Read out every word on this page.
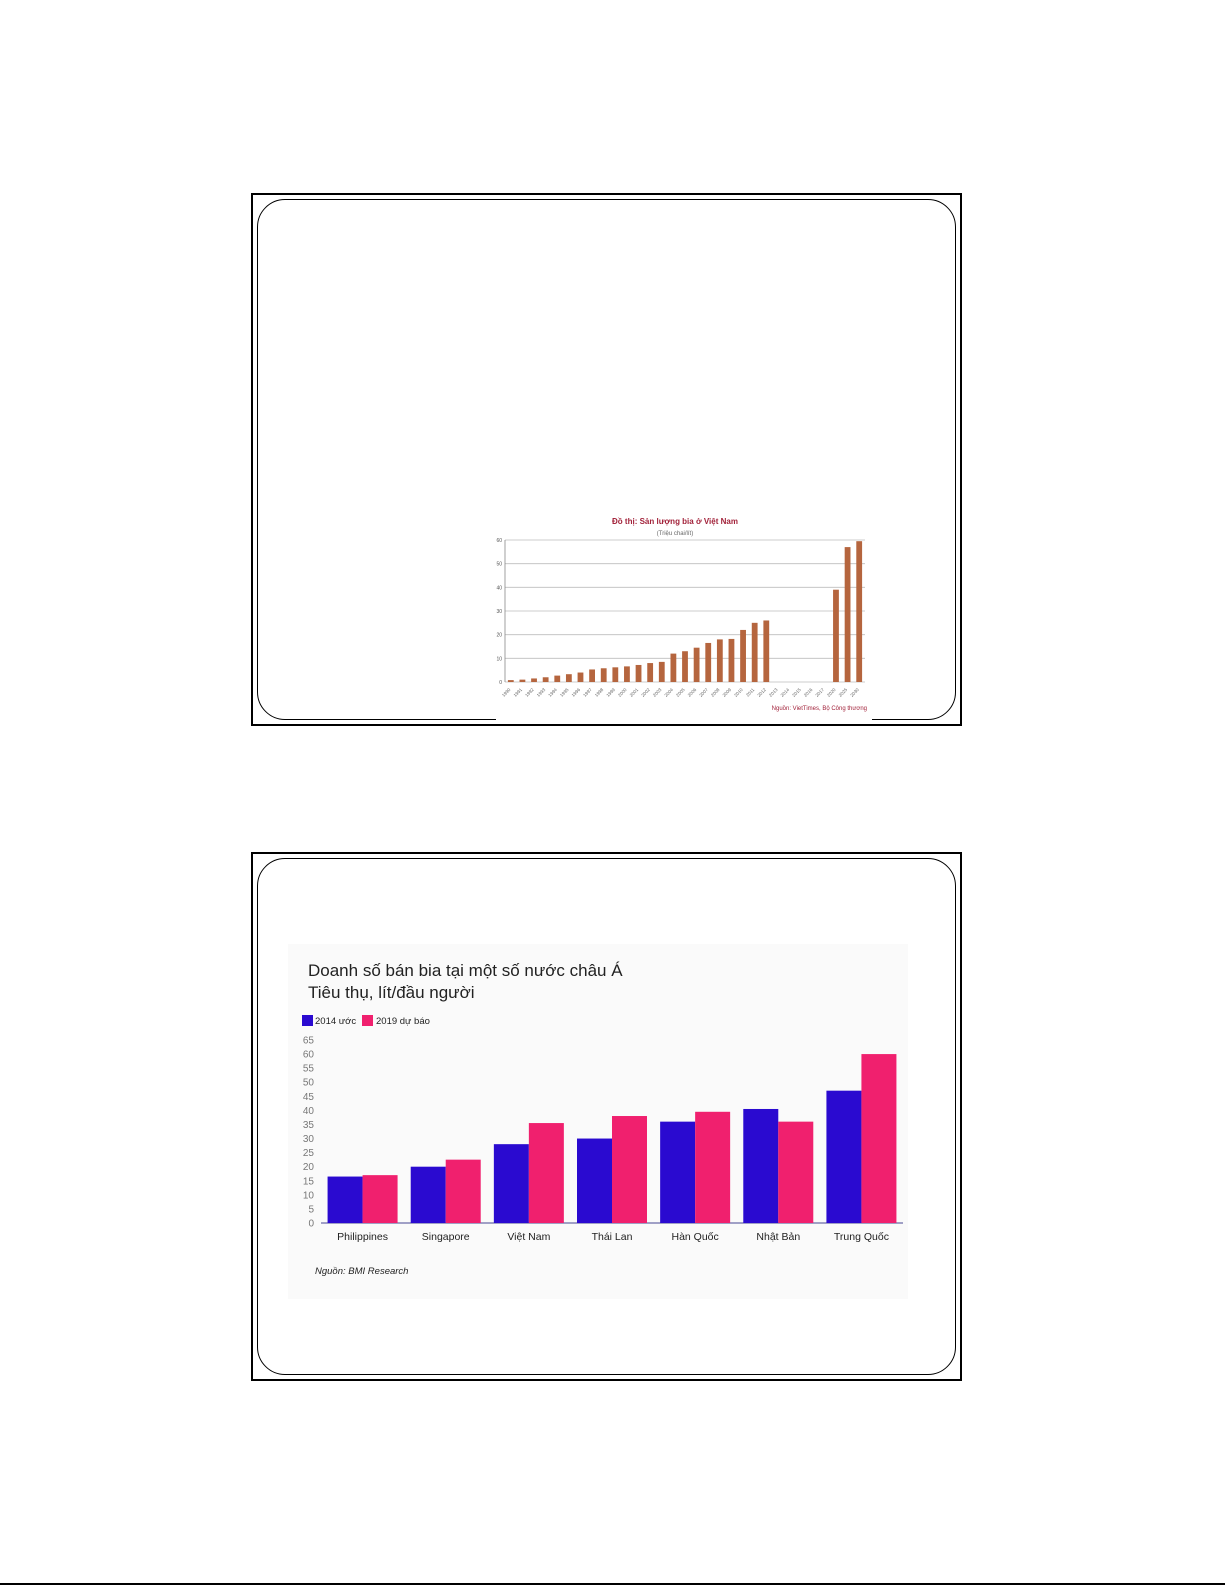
Đồ thị: Sản lượng bia ở Việt Nam
(Triệu chai/lít)
0
10
20
30
40
50
60
1990 1991 1992 1993 1994 1995 1996 1997 1998 1999 2000 2001 2002 2003 2004 2005 2006 2007 2008 2009 2010 2011 2012 2013 2014 2015 2016 2017 2020 2025 2030
Nguồn: VietTimes, Bộ Công thương
Doanh số bán bia tại một số nước châu Á
Tiêu thụ, lít/đầu người
2014 ước 2019 dự báo
0
5
10
15
20
25
30
35
40
45
50
55
60
65
Philippines	Singapore	Việt Nam	Thái Lan	Hàn Quốc	Nhật Bản	Trung Quốc
Nguồn: BMI Research
